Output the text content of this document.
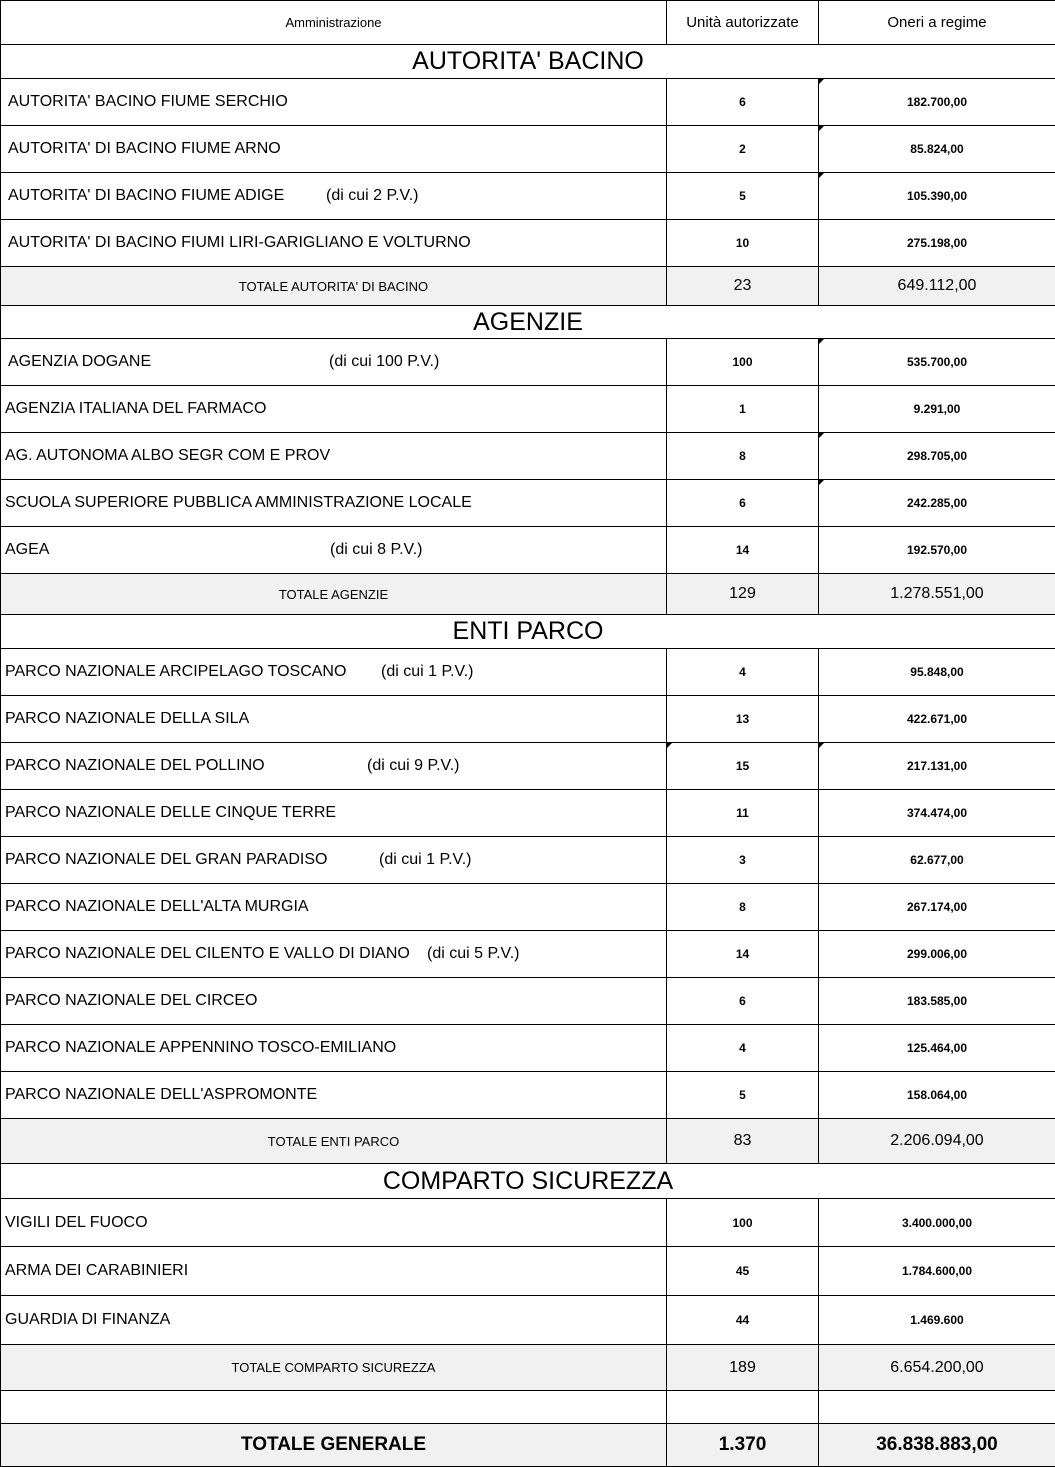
Amministrazione	Unità autorizzate	Oneri a regime
AUTORITA' BACINO		

AUTORITA' BACINO FIUME SERCHIO	6	182.700,00

AUTORITA' DI BACINO FIUME ARNO	2	85.824,00

AUTORITA' DI BACINO FIUME ADIGE (di cui 2 P.V.)	5	105.390,00

AUTORITA' DI BACINO FIUMI LIRI-GARIGLIANO E VOLTURNO	10	275.198,00
TOTALE AUTORITA' DI BACINO	23	649.112,00
AGENZIE		

AGENZIA DOGANE (di cui 100 P.V.)	100	535.700,00

AGENZIA ITALIANA DEL FARMACO	1	9.291,00

AG. AUTONOMA ALBO SEGR COM E PROV	8	298.705,00

SCUOLA SUPERIORE PUBBLICA AMMINISTRAZIONE LOCALE	6	242.285,00

AGEA (di cui 8 P.V.)	14	192.570,00
TOTALE AGENZIE	129	1.278.551,00
ENTI PARCO		

PARCO NAZIONALE ARCIPELAGO TOSCANO (di cui 1 P.V.)	4	95.848,00

PARCO NAZIONALE DELLA SILA	13	422.671,00

PARCO NAZIONALE DEL POLLINO (di cui 9 P.V.)	15	217.131,00

PARCO NAZIONALE DELLE CINQUE TERRE	11	374.474,00

PARCO NAZIONALE DEL GRAN PARADISO (di cui 1 P.V.)	3	62.677,00

PARCO NAZIONALE DELL'ALTA MURGIA	8	267.174,00

PARCO NAZIONALE DEL CILENTO E VALLO DI DIANO (di cui 5 P.V.)	14	299.006,00

PARCO NAZIONALE DEL CIRCEO	6	183.585,00

PARCO NAZIONALE APPENNINO TOSCO-EMILIANO	4	125.464,00

PARCO NAZIONALE DELL'ASPROMONTE	5	158.064,00
TOTALE ENTI PARCO	83	2.206.094,00
COMPARTO SICUREZZA		

VIGILI DEL FUOCO	100	3.400.000,00

ARMA DEI CARABINIERI	45	1.784.600,00

GUARDIA DI FINANZA	44	1.469.600
TOTALE COMPARTO SICUREZZA	189	6.654.200,00

TOTALE GENERALE	1.370	36.838.883,00
